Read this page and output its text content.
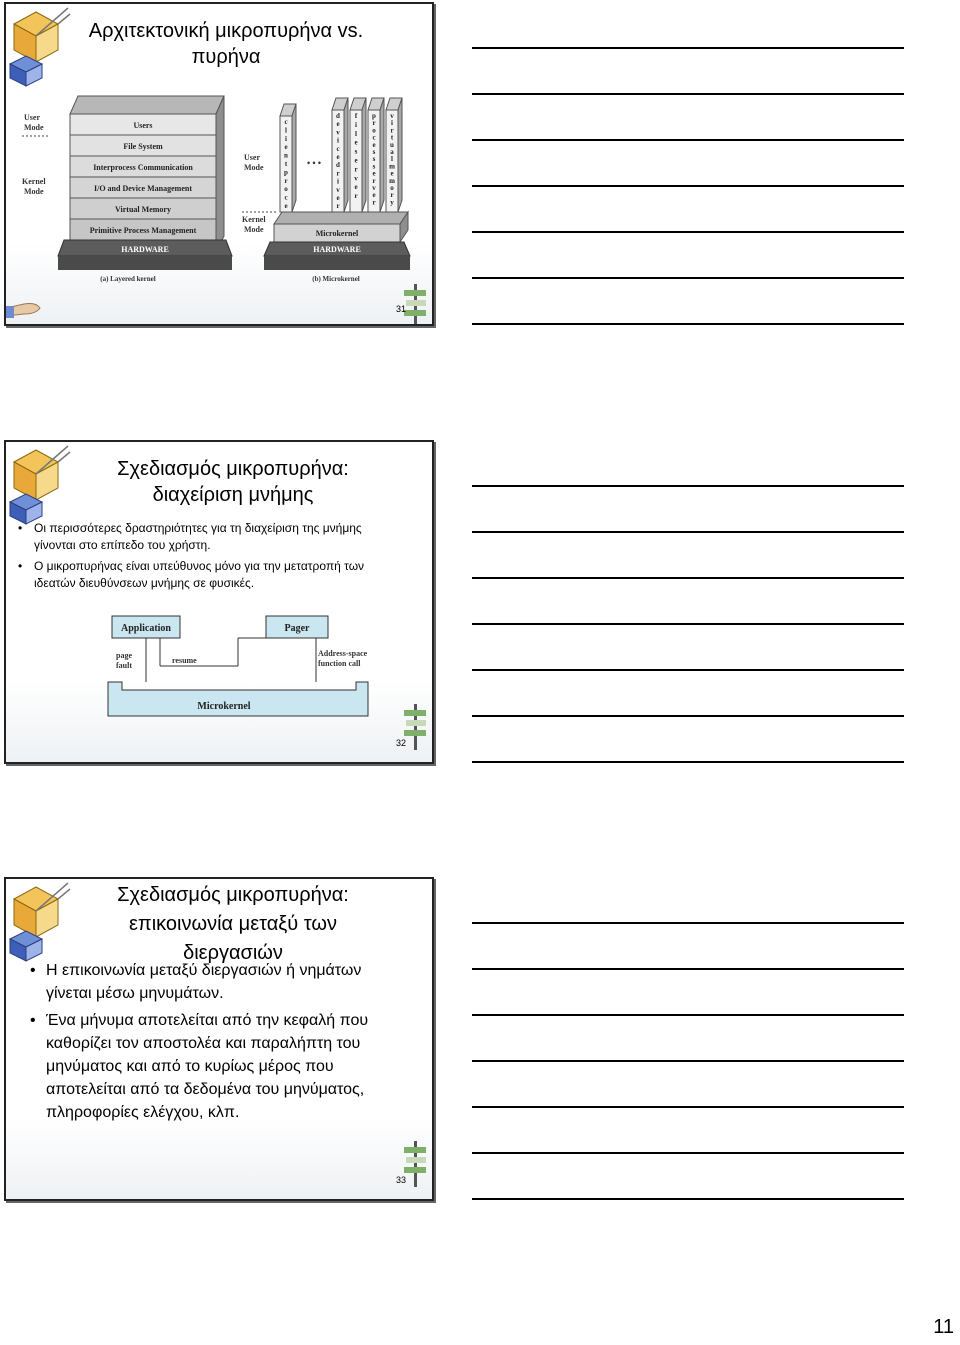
Αρχιτεκτονική μικροπυρήνα vs.
πυρήνα
User
Mode
Kernel
Mode
Users
File System
Interprocess Communication
I/O and Device Management
Virtual Memory
Primitive Process Management
HARDWARE
(a) Layered kernel
User
Mode
Kernel
Mode
c l i e n t p r o c e
d e v i c e d r i v e r
f i l e s e r v e r
p r o c e s s s e r v e r
v i r t u a l m e m o r y
• • •
Microkernel
HARDWARE
(b) Microkernel
31
Σχεδιασμός μικροπυρήνα:
διαχείριση μνήμης
• Οι περισσότερες δραστηριότητες για τη διαχείριση της μνήμης γίνονται στο επίπεδο του χρήστη.
• Ο μικροπυρήνας είναι υπεύθυνος μόνο για την μετατροπή των ιδεατών διευθύνσεων μνήμης σε φυσικές.
Application	Pager
page
fault
resume
Address-space
function call
Microkernel
32
Σχεδιασμός μικροπυρήνα:
επικοινωνία μεταξύ των
διεργασιών
• Η επικοινωνία μεταξύ διεργασιών ή νημάτων γίνεται μέσω μηνυμάτων.
• Ένα μήνυμα αποτελείται από την κεφαλή που καθορίζει τον αποστολέα και παραλήπτη του μηνύματος και από το κυρίως μέρος που αποτελείται από τα δεδομένα του μηνύματος, πληροφορίες ελέγχου, κλπ.
33
11
